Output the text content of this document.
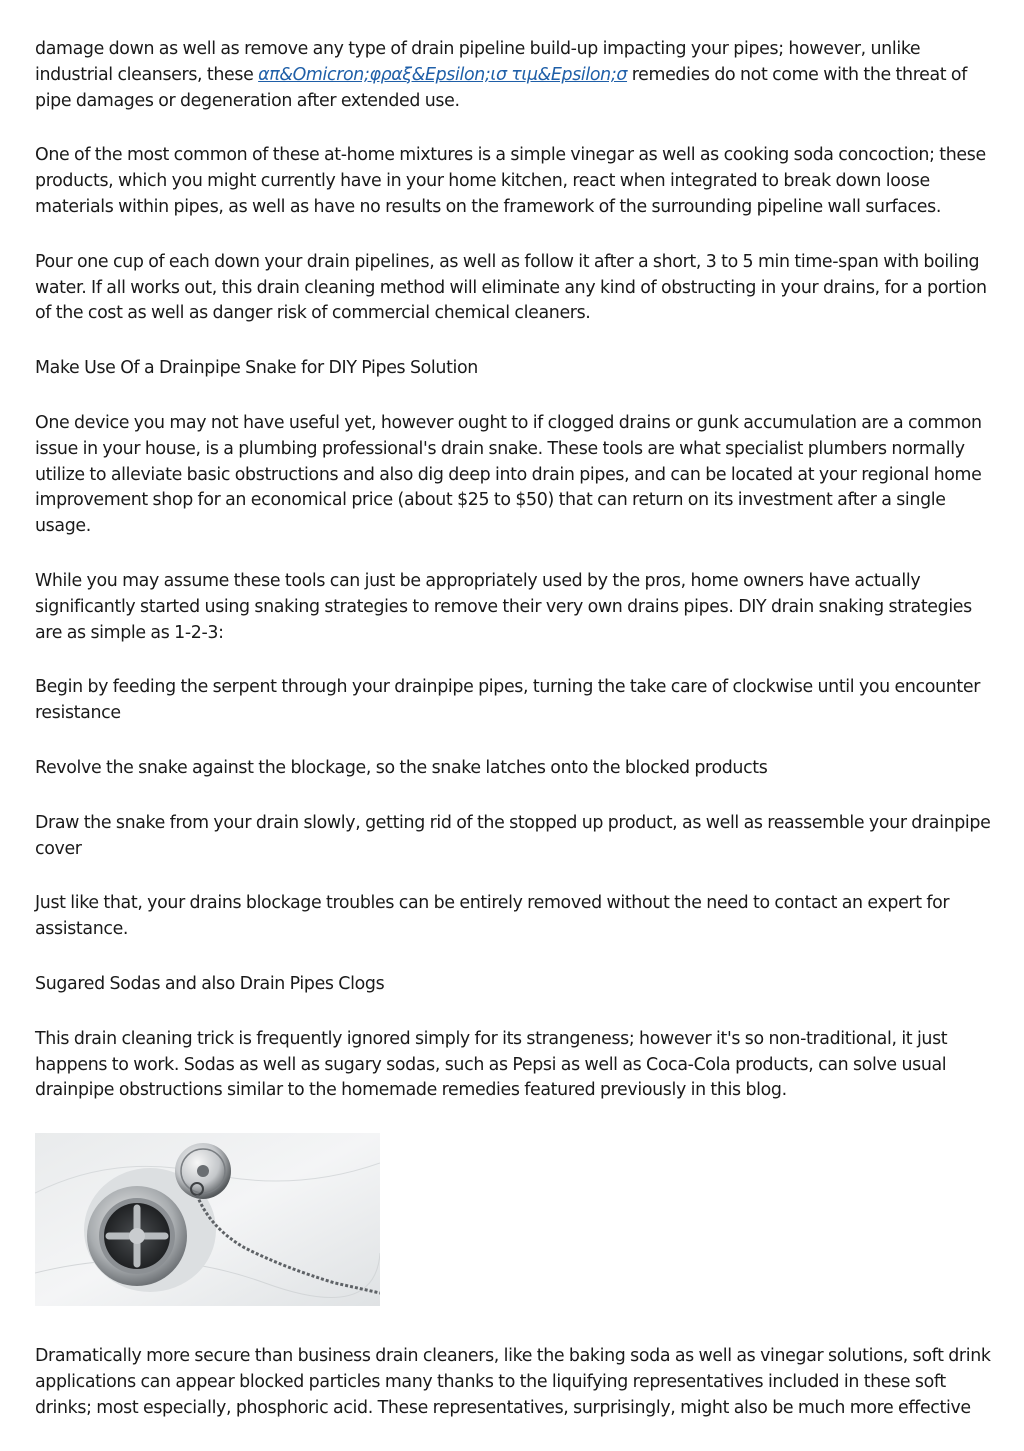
damage down as well as remove any type of drain pipeline build-up impacting your pipes; however, unlike industrial cleansers, these απ&Omicron;φραξ&Epsilon;ισ τιμ&Epsilon;σ remedies do not come with the threat of pipe damages or degeneration after extended use.

One of the most common of these at-home mixtures is a simple vinegar as well as cooking soda concoction; these products, which you might currently have in your home kitchen, react when integrated to break down loose materials within pipes, as well as have no results on the framework of the surrounding pipeline wall surfaces.

Pour one cup of each down your drain pipelines, as well as follow it after a short, 3 to 5 min time-span with boiling water. If all works out, this drain cleaning method will eliminate any kind of obstructing in your drains, for a portion of the cost as well as danger risk of commercial chemical cleaners.

Make Use Of a Drainpipe Snake for DIY Pipes Solution

One device you may not have useful yet, however ought to if clogged drains or gunk accumulation are a common issue in your house, is a plumbing professional's drain snake. These tools are what specialist plumbers normally utilize to alleviate basic obstructions and also dig deep into drain pipes, and can be located at your regional home improvement shop for an economical price (about $25 to $50) that can return on its investment after a single usage.

While you may assume these tools can just be appropriately used by the pros, home owners have actually significantly started using snaking strategies to remove their very own drains pipes. DIY drain snaking strategies are as simple as 1-2-3:

Begin by feeding the serpent through your drainpipe pipes, turning the take care of clockwise until you encounter resistance

Revolve the snake against the blockage, so the snake latches onto the blocked products

Draw the snake from your drain slowly, getting rid of the stopped up product, as well as reassemble your drainpipe cover

Just like that, your drains blockage troubles can be entirely removed without the need to contact an expert for assistance.

Sugared Sodas and also Drain Pipes Clogs

This drain cleaning trick is frequently ignored simply for its strangeness; however it's so non-traditional, it just happens to work. Sodas as well as sugary sodas, such as Pepsi as well as Coca-Cola products, can solve usual drainpipe obstructions similar to the homemade remedies featured previously in this blog.

Dramatically more secure than business drain cleaners, like the baking soda as well as vinegar solutions, soft drink applications can appear blocked particles many thanks to the liquifying representatives included in these soft drinks; most especially, phosphoric acid. These representatives, surprisingly, might also be much more effective
